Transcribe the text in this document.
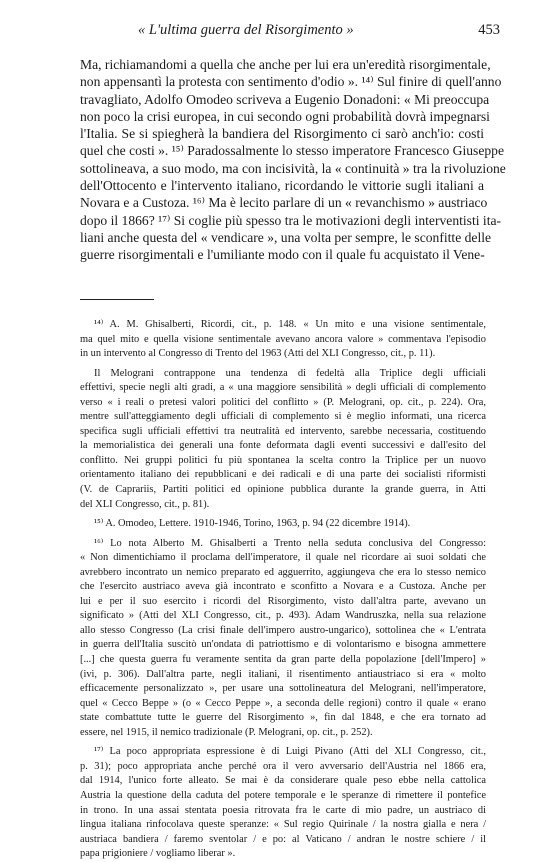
« L'ultima guerra del Risorgimento »	453
Ma, richiamandomi a quella che anche per lui era un'eredità risorgimentale,
non appensantì la protesta con sentimento d'odio ». ¹⁴⁾ Sul finire di quell'anno
travagliato, Adolfo Omodeo scriveva a Eugenio Donadoni: « Mi preoccupa
non poco la crisi europea, in cui secondo ogni probabilità dovrà impegnarsi
l'Italia. Se si spiegherà la bandiera del Risorgimento ci sarò anch'io: costi
quel che costi ». ¹⁵⁾ Paradossalmente lo stesso imperatore Francesco Giuseppe
sottolineava, a suo modo, ma con incisività, la « continuità » tra la rivoluzione
dell'Ottocento e l'intervento italiano, ricordando le vittorie sugli italiani a
Novara e a Custoza. ¹⁶⁾ Ma è lecito parlare di un « revanchismo » austriaco
dopo il 1866? ¹⁷⁾ Si coglie più spesso tra le motivazioni degli interventisti ita-
liani anche questa del « vendicare », una volta per sempre, le sconfitte delle
guerre risorgimentali e l'umiliante modo con il quale fu acquistato il Vene-
¹⁴⁾ A. M. Ghisalberti, Ricordi, cit., p. 148. « Un mito e una visione sentimentale,
ma quel mito e quella visione sentimentale avevano ancora valore » commentava l'episodio
in un intervento al Congresso di Trento del 1963 (Atti del XLI Congresso, cit., p. 11).
Il Melograni contrappone una tendenza di fedeltà alla Triplice degli ufficiali
effettivi, specie negli alti gradi, a « una maggiore sensibilità » degli ufficiali di complemento
verso « i reali o pretesi valori politici del conflitto » (P. Melograni, op. cit., p. 224). Ora,
mentre sull'atteggiamento degli ufficiali di complemento si è meglio informati, una ricerca
specifica sugli ufficiali effettivi tra neutralità ed intervento, sarebbe necessaria, costituendo
la memorialistica dei generali una fonte deformata dagli eventi successivi e dall'esito del
conflitto. Nei gruppi politici fu più spontanea la scelta contro la Triplice per un nuovo
orientamento italiano dei repubblicani e dei radicali e di una parte dei socialisti riformisti
(V. de Caprariis, Partiti politici ed opinione pubblica durante la grande guerra, in Atti
del XLI Congresso, cit., p. 81).
¹⁵⁾ A. Omodeo, Lettere. 1910-1946, Torino, 1963, p. 94 (22 dicembre 1914).
¹⁶⁾ Lo nota Alberto M. Ghisalberti a Trento nella seduta conclusiva del Congresso:
« Non dimentichiamo il proclama dell'imperatore, il quale nel ricordare ai suoi soldati che
avrebbero incontrato un nemico preparato ed agguerrito, aggiungeva che era lo stesso nemico
che l'esercito austriaco aveva già incontrato e sconfitto a Novara e a Custoza. Anche per
lui e per il suo esercito i ricordi del Risorgimento, visto dall'altra parte, avevano un
significato » (Atti del XLI Congresso, cit., p. 493). Adam Wandruszka, nella sua relazione
allo stesso Congresso (La crisi finale dell'impero austro-ungarico), sottolinea che « L'entrata
in guerra dell'Italia suscitò un'ondata di patriottismo e di volontarismo e bisogna ammettere
[...] che questa guerra fu veramente sentita da gran parte della popolazione [dell'Impero] »
(ivi, p. 306). Dall'altra parte, negli italiani, il risentimento antiaustriaco si era « molto
efficacemente personalizzato », per usare una sottolineatura del Melograni, nell'imperatore,
quel « Cecco Beppe » (o « Cecco Peppe », a seconda delle regioni) contro il quale « erano
state combattute tutte le guerre del Risorgimento », fin dal 1848, e che era tornato ad
essere, nel 1915, il nemico tradizionale (P. Melograni, op. cit., p. 252).
¹⁷⁾ La poco appropriata espressione è di Luigi Pivano (Atti del XLI Congresso, cit.,
p. 31); poco appropriata anche perché ora il vero avversario dell'Austria nel 1866 era,
dal 1914, l'unico forte alleato. Se mai è da considerare quale peso ebbe nella cattolica
Austria la questione della caduta del potere temporale e le speranze di rimettere il pontefice
in trono. In una assai stentata poesia ritrovata fra le carte di mio padre, un austriaco di
lingua italiana rinfocolava queste speranze: « Sul regio Quirinale / la nostra gialla e nera /
austriaca bandiera / faremo sventolar / e po: al Vaticano / andran le nostre schiere / il
papa prigioniere / vogliamo liberar ».
